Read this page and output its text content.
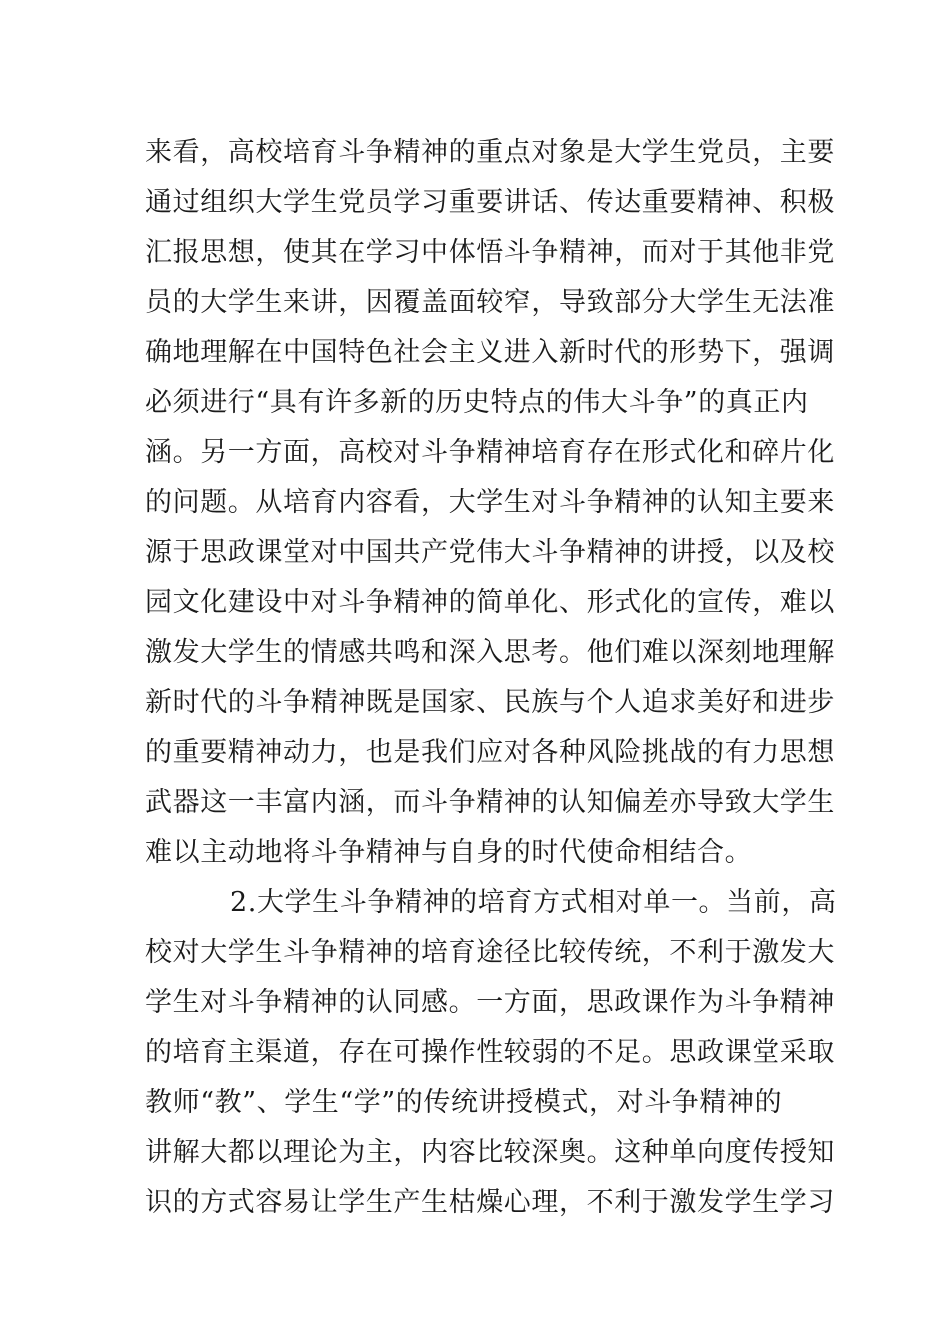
来看，高校培育斗争精神的重点对象是大学生党员，主要
通过组织大学生党员学习重要讲话、传达重要精神、积极
汇报思想，使其在学习中体悟斗争精神，而对于其他非党
员的大学生来讲，因覆盖面较窄，导致部分大学生无法准
确地理解在中国特色社会主义进入新时代的形势下，强调
必须进行“具有许多新的历史特点的伟大斗争”的真正内
涵。另一方面，高校对斗争精神培育存在形式化和碎片化
的问题。从培育内容看，大学生对斗争精神的认知主要来
源于思政课堂对中国共产党伟大斗争精神的讲授，以及校
园文化建设中对斗争精神的简单化、形式化的宣传，难以
激发大学生的情感共鸣和深入思考。他们难以深刻地理解
新时代的斗争精神既是国家、民族与个人追求美好和进步
的重要精神动力，也是我们应对各种风险挑战的有力思想
武器这一丰富内涵，而斗争精神的认知偏差亦导致大学生
难以主动地将斗争精神与自身的时代使命相结合。
2.大学生斗争精神的培育方式相对单一。当前，高
校对大学生斗争精神的培育途径比较传统，不利于激发大
学生对斗争精神的认同感。一方面，思政课作为斗争精神
的培育主渠道，存在可操作性较弱的不足。思政课堂采取
教师“教”、学生“学”的传统讲授模式，对斗争精神的
讲解大都以理论为主，内容比较深奥。这种单向度传授知
识的方式容易让学生产生枯燥心理，不利于激发学生学习
